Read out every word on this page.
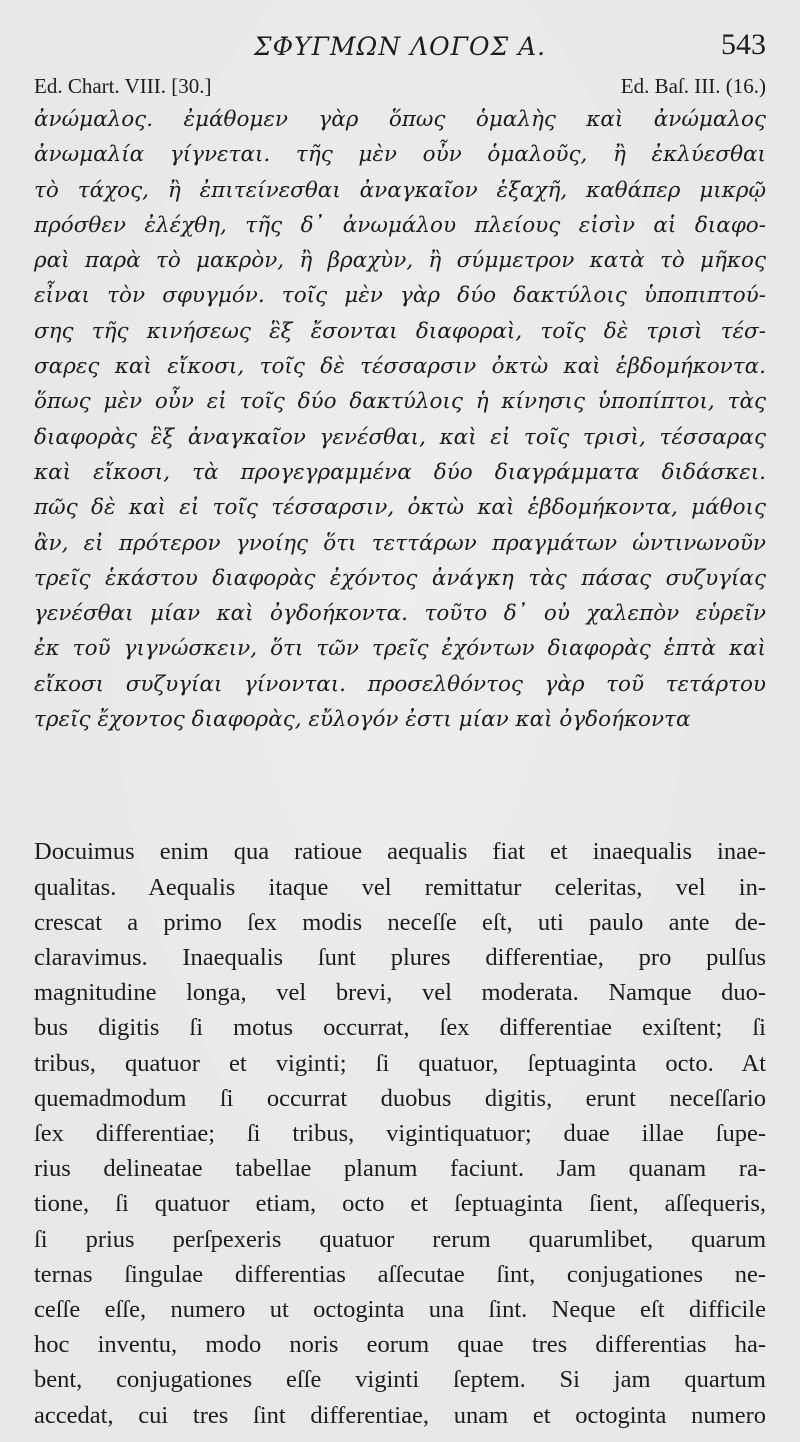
ΣΦΥΓΜΩΝ ΛΟΓΟΣ Α.	543
Ed. Chart. VIII. [30.]	Ed. Baſ. III. (16.)
ἀνώμαλος. ἐμάθομεν γὰρ ὅπως ὁμαλὴς καὶ ἀνώμαλος
ἀνωμαλία γίγνεται. τῆς μὲν οὖν ὁμαλοῦς, ἢ ἐκλύεσθαι
τὸ τάχος, ἢ ἐπιτείνεσθαι ἀναγκαῖον ἑξαχῆ, καθάπερ μικρῷ
πρόσθεν ἐλέχθη, τῆς δ᾽ ἀνωμάλου πλείους εἰσὶν αἱ διαφο-
ραὶ παρὰ τὸ μακρὸν, ἢ βραχὺν, ἢ σύμμετρον κατὰ τὸ μῆκος
εἶναι τὸν σφυγμόν. τοῖς μὲν γὰρ δύο δακτύλοις ὑποπιπτού-
σης τῆς κινήσεως ἓξ ἔσονται διαφοραὶ, τοῖς δὲ τρισὶ τέσ-
σαρες καὶ εἴκοσι, τοῖς δὲ τέσσαρσιν ὀκτὼ καὶ ἑβδομήκοντα.
ὅπως μὲν οὖν εἰ τοῖς δύο δακτύλοις ἡ κίνησις ὑποπίπτοι, τὰς
διαφορὰς ἓξ ἀναγκαῖον γενέσθαι, καὶ εἰ τοῖς τρισὶ, τέσσαρας
καὶ εἴκοσι, τὰ προγεγραμμένα δύο διαγράμματα διδάσκει.
πῶς δὲ καὶ εἰ τοῖς τέσσαρσιν, ὀκτὼ καὶ ἑβδομήκοντα, μάθοις
ἂν, εἰ πρότερον γνοίης ὅτι τεττάρων πραγμάτων ὡντινωνοῦν
τρεῖς ἑκάστου διαφορὰς ἐχόντος ἀνάγκη τὰς πάσας συζυγίας
γενέσθαι μίαν καὶ ὀγδοήκοντα. τοῦτο δ᾽ οὐ χαλεπὸν εὑρεῖν
ἐκ τοῦ γιγνώσκειν, ὅτι τῶν τρεῖς ἐχόντων διαφορὰς ἑπτὰ καὶ
εἴκοσι συζυγίαι γίνονται. προσελθόντος γὰρ τοῦ τετάρτου
τρεῖς ἔχοντος διαφορὰς, εὔλογόν ἐστι μίαν καὶ ὀγδοήκοντα
Docuimus enim qua ratioue aequalis fiat et inaequalis inae-
qualitas. Aequalis itaque vel remittatur celeritas, vel in-
crescat a primo ſex modis neceſſe eſt, uti paulo ante de-
claravimus. Inaequalis ſunt plures differentiae, pro pulſus
magnitudine longa, vel brevi, vel moderata. Namque duo-
bus digitis ſi motus occurrat, ſex differentiae exiſtent; ſi
tribus, quatuor et viginti; ſi quatuor, ſeptuaginta octo. At
quemadmodum ſi occurrat duobus digitis, erunt neceſſario
ſex differentiae; ſi tribus, vigintiquatuor; duae illae ſupe-
rius delineatae tabellae planum faciunt. Jam quanam ra-
tione, ſi quatuor etiam, octo et ſeptuaginta ſient, aſſequeris,
ſi prius perſpexeris quatuor rerum quarumlibet, quarum
ternas ſingulae differentias aſſecutae ſint, conjugationes ne-
ceſſe eſſe, numero ut octoginta una ſint. Neque eſt difficile
hoc inventu, modo noris eorum quae tres differentias ha-
bent, conjugationes eſſe viginti ſeptem. Si jam quartum
accedat, cui tres ſint differentiae, unam et octoginta numero
